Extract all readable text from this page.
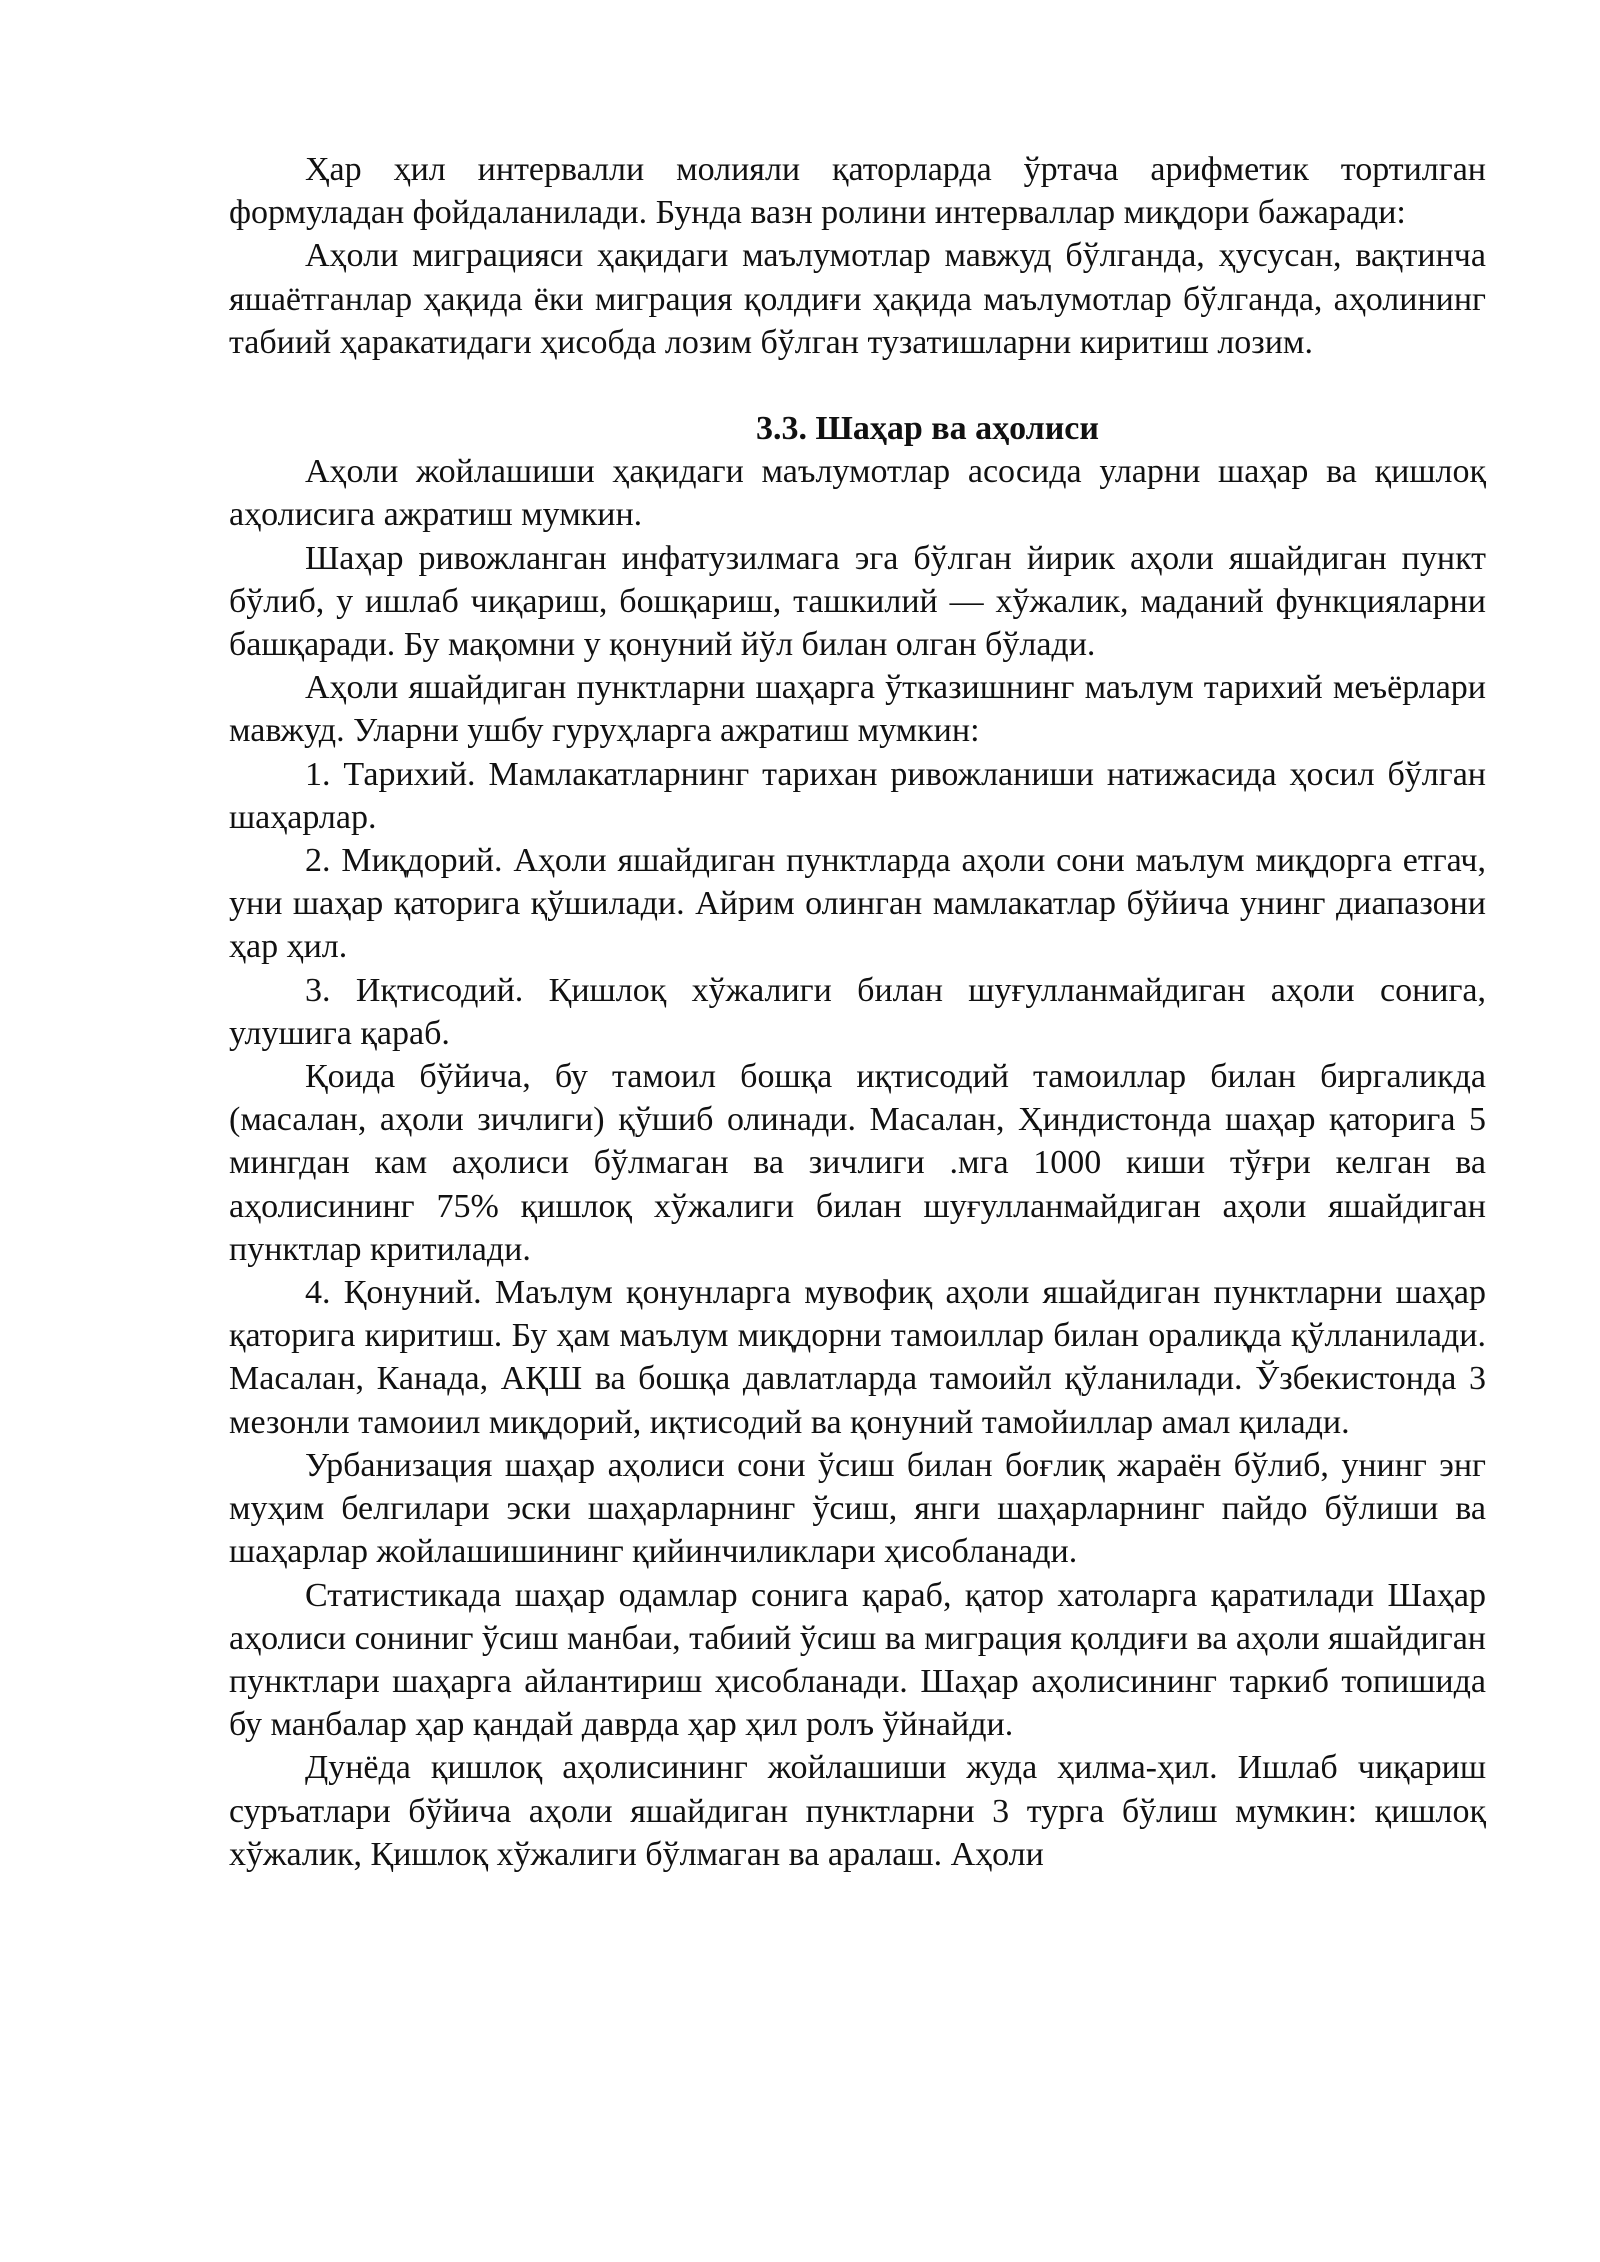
Ҳар ҳил интервалли молияли қаторларда ўртача арифметик тортилган формуладан фойдаланилади. Бунда вазн ролини интерваллар миқдори бажаради:

Аҳоли миграцияси ҳақидаги маълумотлар мавжуд бўлганда, ҳусусан, вақтинча яшаётганлар ҳақида ёки миграция қолдиғи ҳақида маълумотлар бўлганда, аҳолининг табиий ҳаракатидаги ҳисобда лозим бўлган тузатишларни киритиш лозим.

3.3. Шаҳар ва аҳолиси

Аҳоли жойлашиши ҳақидаги маълумотлар асосида уларни шаҳар ва қишлоқ аҳолисига ажратиш мумкин.

Шаҳар ривожланган инфатузилмага эга бўлган йирик аҳоли яшайдиган пункт бўлиб, у ишлаб чиқариш, бошқариш, ташкилий — хўжалик, маданий функцияларни башқаради. Бу мақомни у қонуний йўл билан олган бўлади.

Аҳоли яшайдиган пунктларни шаҳарга ўтказишнинг маълум тарихий меъёрлари мавжуд. Уларни ушбу гуруҳларга ажратиш мумкин:

1. Тарихий. Мамлакатларнинг тарихан ривожланиши натижасида ҳосил бўлган шаҳарлар.

2. Миқдорий. Аҳоли яшайдиган пунктларда аҳоли сони маълум миқдорга етгач, уни шаҳар қаторига қўшилади. Айрим олинган мамлакатлар бўйича унинг диапазони ҳар ҳил.

3. Иқтисодий. Қишлоқ хўжалиги билан шуғулланмайдиган аҳоли сонига, улушига қараб.

Қоида бўйича, бу тамоил бошқа иқтисодий тамоиллар билан биргаликда (масалан, аҳоли зичлиги) қўшиб олинади. Масалан, Ҳиндистонда шаҳар қаторига 5 мингдан кам аҳолиси бўлмаган ва зичлиги .мга 1000 киши тўғри келган ва аҳолисининг 75% қишлоқ хўжалиги билан шуғулланмайдиган аҳоли яшайдиган пунктлар критилади.

4. Қонуний. Маълум қонунларга мувофиқ аҳоли яшайдиган пунктларни шаҳар қаторига киритиш. Бу ҳам маълум миқдорни тамоиллар билан оралиқда қўлланилади. Масалан, Канада, АҚШ ва бошқа давлатларда тамоийл қўланилади. Ўзбекистонда 3 мезонли тамоиил миқдорий, иқтисодий ва қонуний тамойиллар амал қилади.

Урбанизация шаҳар аҳолиси сони ўсиш билан боғлиқ жараён бўлиб, унинг энг муҳим белгилари эски шаҳарларнинг ўсиш, янги шаҳарларнинг пайдо бўлиши ва шаҳарлар жойлашишининг қийинчиликлари ҳисобланади.

Статистикада шаҳар одамлар сонига қараб, қатор хатоларга қаратилади Шаҳар аҳолиси сониниг ўсиш манбаи, табиий ўсиш ва миграция қолдиғи ва аҳоли яшайдиган пунктлари шаҳарга айлантириш ҳисобланади. Шаҳар аҳолисининг таркиб топишида бу манбалар ҳар қандай даврда ҳар ҳил ролъ ўйнайди.

Дунёда қишлоқ аҳолисининг жойлашиши жуда ҳилма-ҳил. Ишлаб чиқариш суръатлари бўйича аҳоли яшайдиган пунктларни 3 турга бўлиш мумкин: қишлоқ хўжалик, Қишлоқ хўжалиги бўлмаган ва аралаш. Аҳоли
